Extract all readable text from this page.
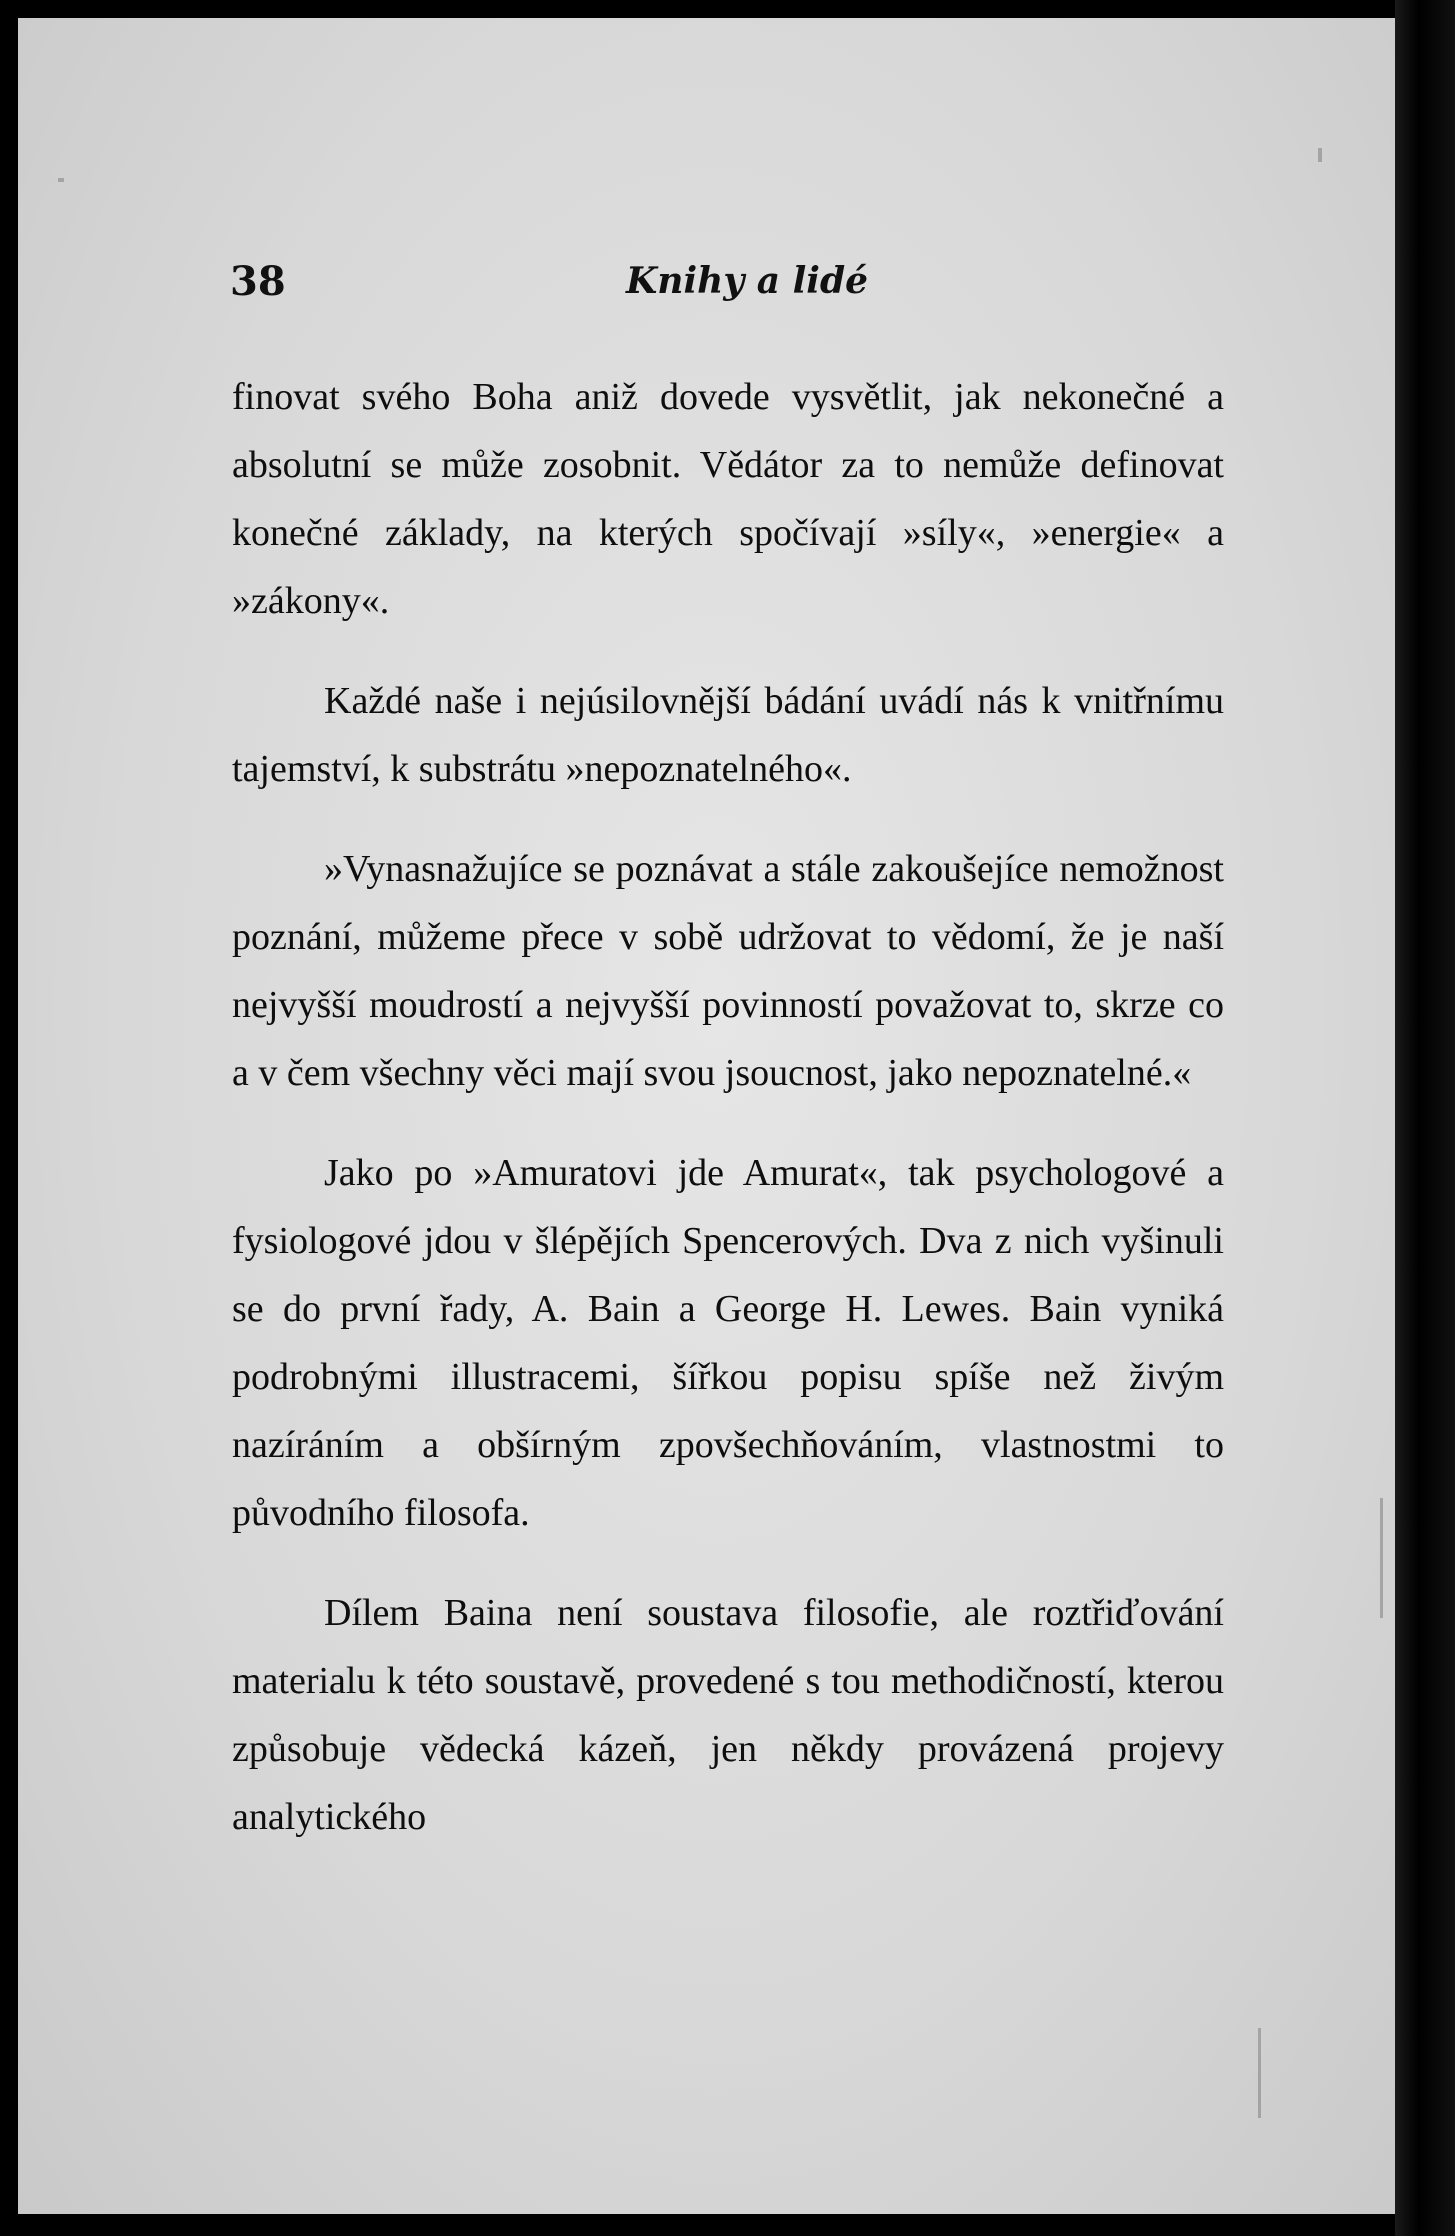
38	Knihy a lidé

finovat svého Boha aniž dovede vysvětlit, jak nekonečné a absolutní se může zosobnit. Vědátor za to nemůže definovat konečné základy, na kterých spočívají »síly«, »energie« a »zákony«.

Každé naše i nejúsilovnější bádání uvádí nás k vnitřnímu tajemství, k substrátu »nepoznatelného«.

»Vynasnažujíce se poznávat a stále zakoušejíce nemožnost poznání, můžeme přece v sobě udržovat to vědomí, že je naší nejvyšší moudrostí a nejvyšší povinností považovat to, skrze co a v čem všechny věci mají svou jsoucnost, jako nepoznatelné.«

Jako po »Amuratovi jde Amurat«, tak psychologové a fysiologové jdou v šlépějích Spencerových. Dva z nich vyšinuli se do první řady, A. Bain a George H. Lewes. Bain vyniká podrobnými illustracemi, šířkou popisu spíše než živým nazíráním a obšírným zpovšechňováním, vlastnostmi to původního filosofa.

Dílem Baina není soustava filosofie, ale roztřiďování materialu k této soustavě, provedené s tou methodičností, kterou způsobuje vědecká kázeň, jen někdy provázená projevy analytického
